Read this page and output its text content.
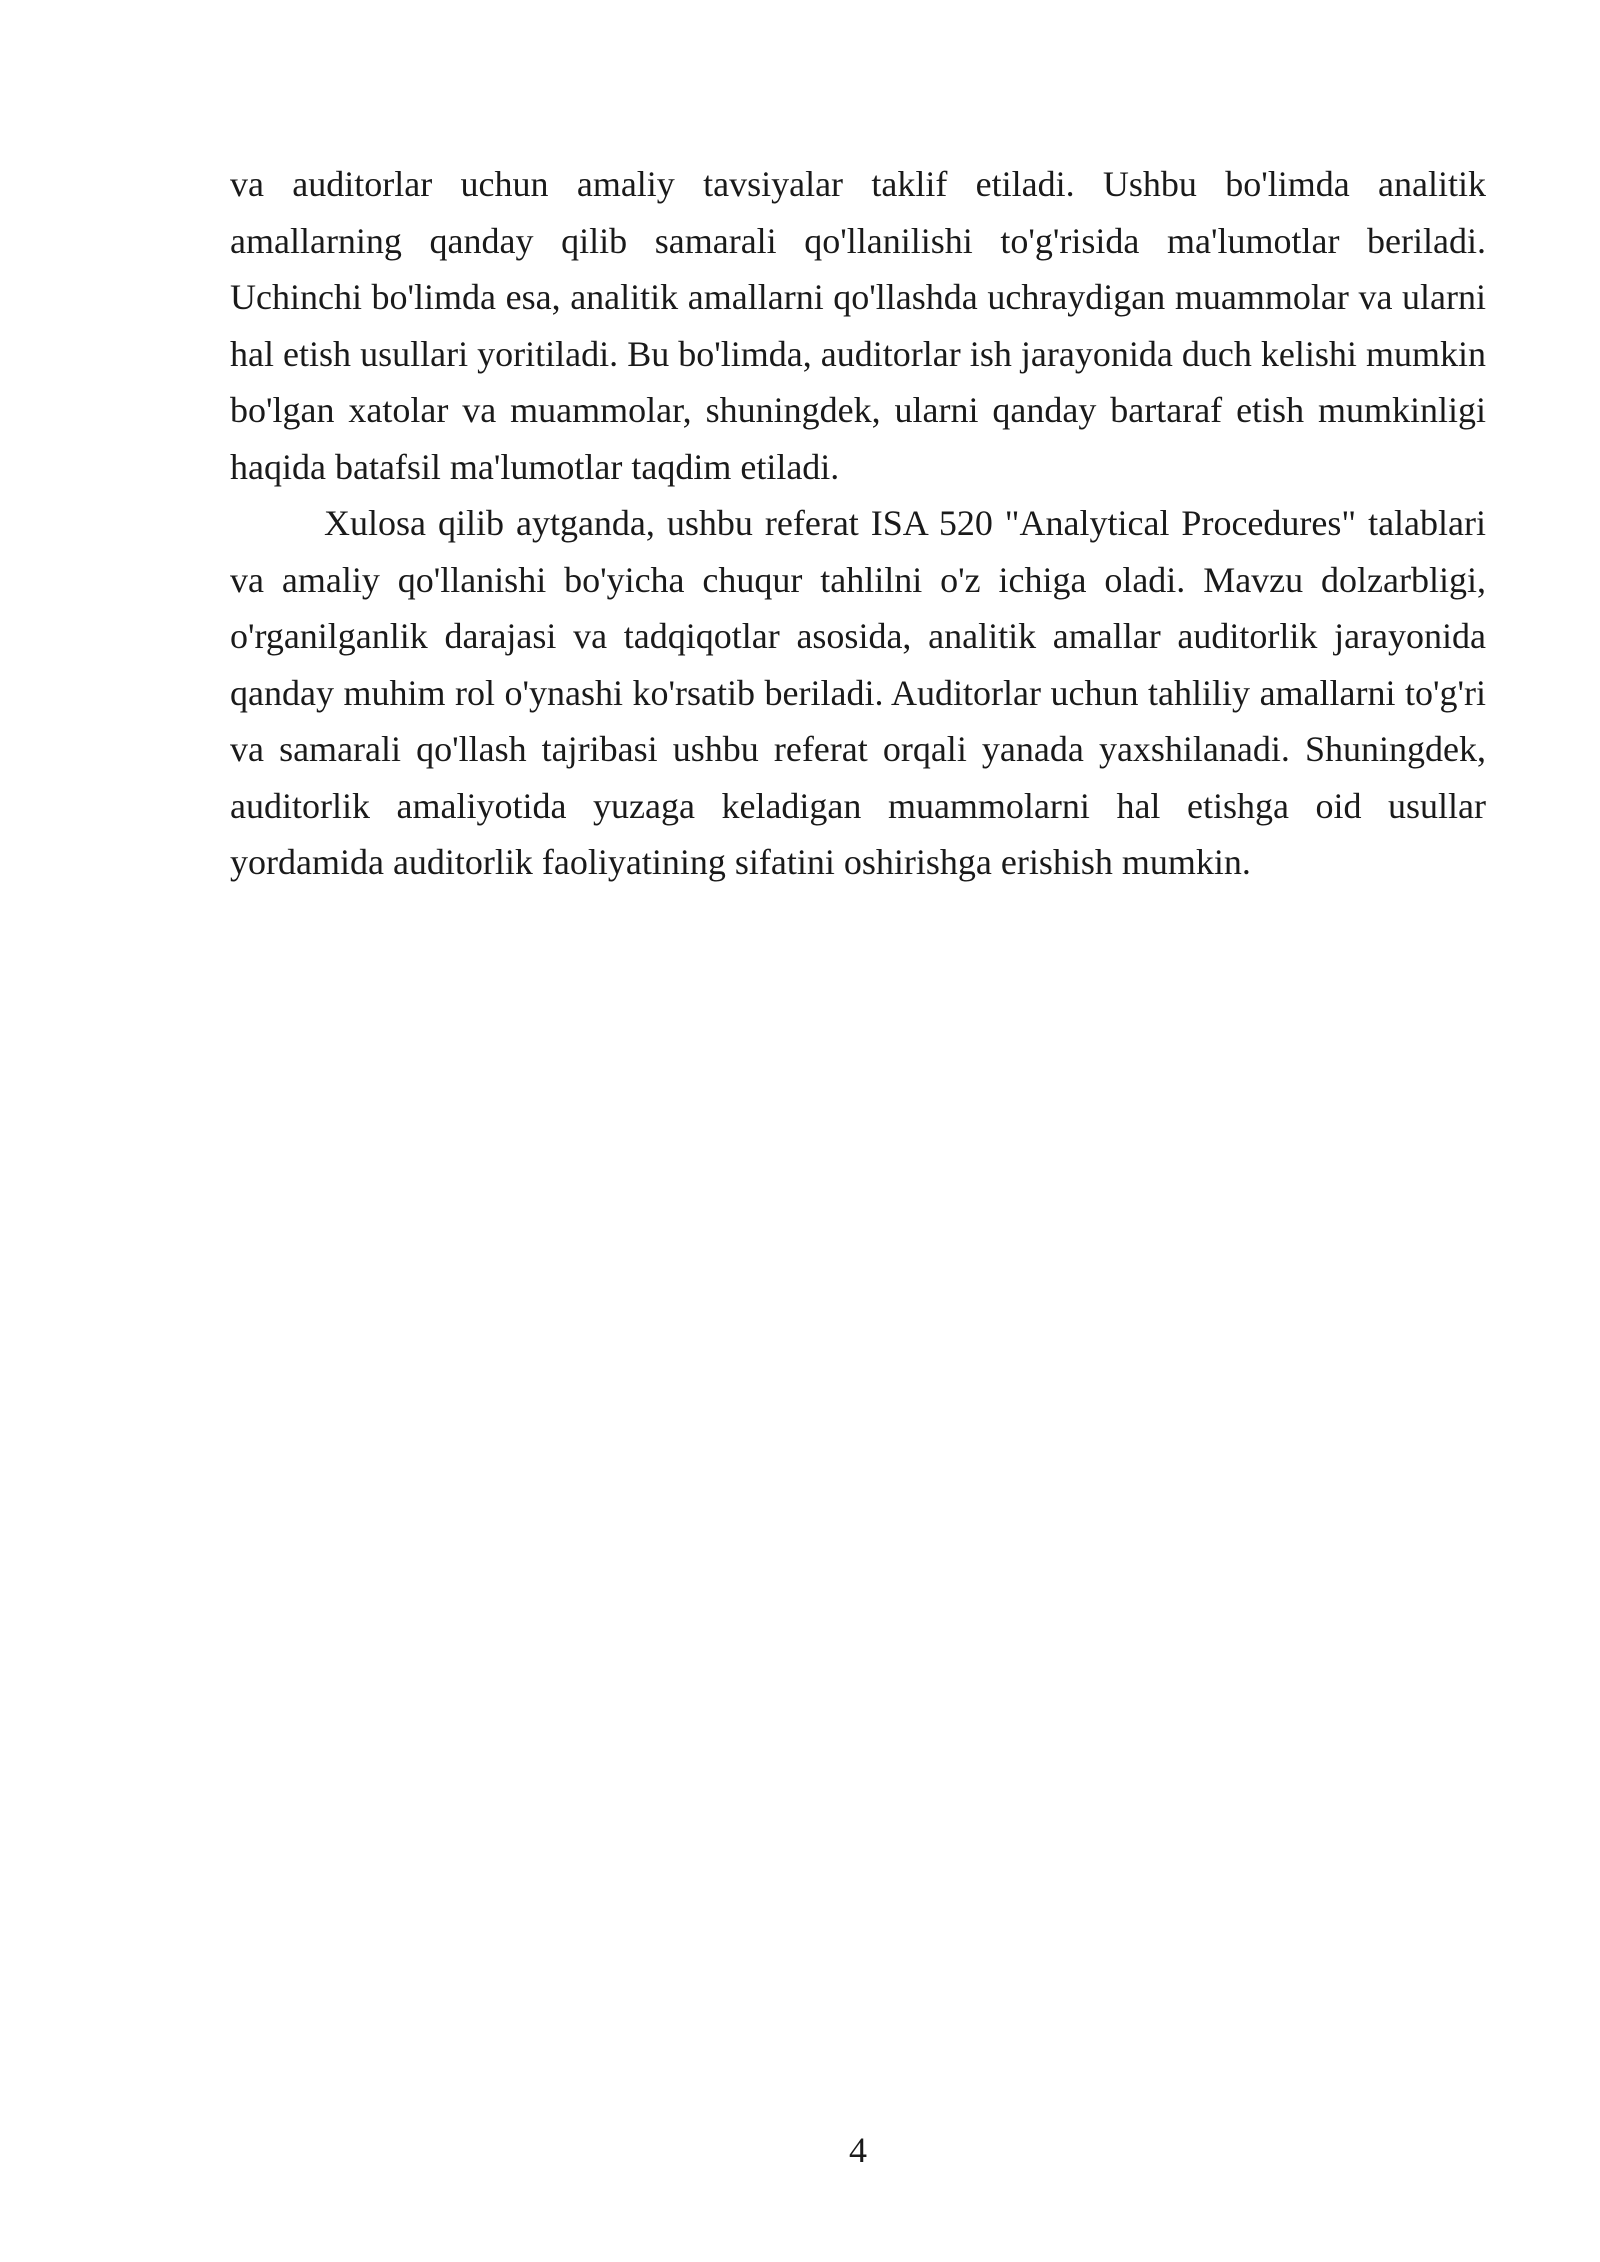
va auditorlar uchun amaliy tavsiyalar taklif etiladi. Ushbu bo'limda analitik amallarning qanday qilib samarali qo'llanilishi to'g'risida ma'lumotlar beriladi. Uchinchi bo'limda esa, analitik amallarni qo'llashda uchraydigan muammolar va ularni hal etish usullari yoritiladi. Bu bo'limda, auditorlar ish jarayonida duch kelishi mumkin bo'lgan xatolar va muammolar, shuningdek, ularni qanday bartaraf etish mumkinligi haqida batafsil ma'lumotlar taqdim etiladi.

Xulosa qilib aytganda, ushbu referat ISA 520 "Analytical Procedures" talablari va amaliy qo'llanishi bo'yicha chuqur tahlilni o'z ichiga oladi. Mavzu dolzarbligi, o'rganilganlik darajasi va tadqiqotlar asosida, analitik amallar auditorlik jarayonida qanday muhim rol o'ynashi ko'rsatib beriladi. Auditorlar uchun tahliliy amallarni to'g'ri va samarali qo'llash tajribasi ushbu referat orqali yanada yaxshilanadi. Shuningdek, auditorlik amaliyotida yuzaga keladigan muammolarni hal etishga oid usullar yordamida auditorlik faoliyatining sifatini oshirishga erishish mumkin.

4
